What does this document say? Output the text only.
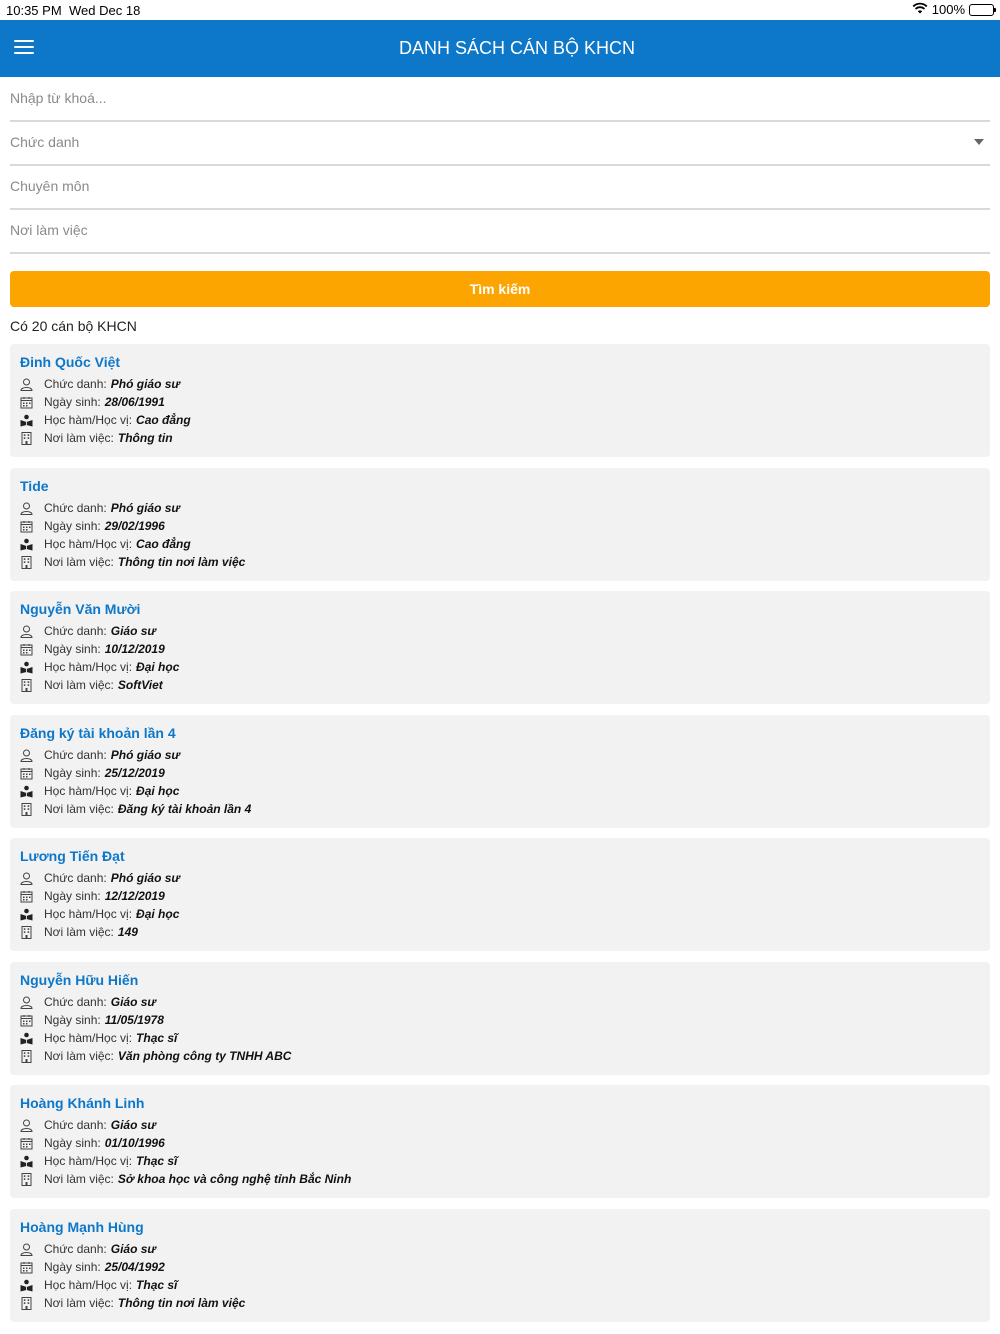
10:35 PM Wed Dec 18	100%
DANH SÁCH CÁN BỘ KHCN
Nhập từ khoá...
Chức danh
Chuyên môn
Nơi làm việc
Tìm kiếm
Có 20 cán bộ KHCN
Đinh Quốc Việt
Chức danh: Phó giáo sư
Ngày sinh: 28/06/1991
Học hàm/Học vị: Cao đẳng
Nơi làm việc: Thông tin
Tide
Chức danh: Phó giáo sư
Ngày sinh: 29/02/1996
Học hàm/Học vị: Cao đẳng
Nơi làm việc: Thông tin nơi làm việc
Nguyễn Văn Mười
Chức danh: Giáo sư
Ngày sinh: 10/12/2019
Học hàm/Học vị: Đại học
Nơi làm việc: SoftViet
Đăng ký tài khoản lần 4
Chức danh: Phó giáo sư
Ngày sinh: 25/12/2019
Học hàm/Học vị: Đại học
Nơi làm việc: Đăng ký tài khoản lần 4
Lương Tiến Đạt
Chức danh: Phó giáo sư
Ngày sinh: 12/12/2019
Học hàm/Học vị: Đại học
Nơi làm việc: 149
Nguyễn Hữu Hiến
Chức danh: Giáo sư
Ngày sinh: 11/05/1978
Học hàm/Học vị: Thạc sĩ
Nơi làm việc: Văn phòng công ty TNHH ABC
Hoàng Khánh Linh
Chức danh: Giáo sư
Ngày sinh: 01/10/1996
Học hàm/Học vị: Thạc sĩ
Nơi làm việc: Sở khoa học và công nghệ tỉnh Bắc Ninh
Hoàng Mạnh Hùng
Chức danh: Giáo sư
Ngày sinh: 25/04/1992
Học hàm/Học vị: Thạc sĩ
Nơi làm việc: Thông tin nơi làm việc
